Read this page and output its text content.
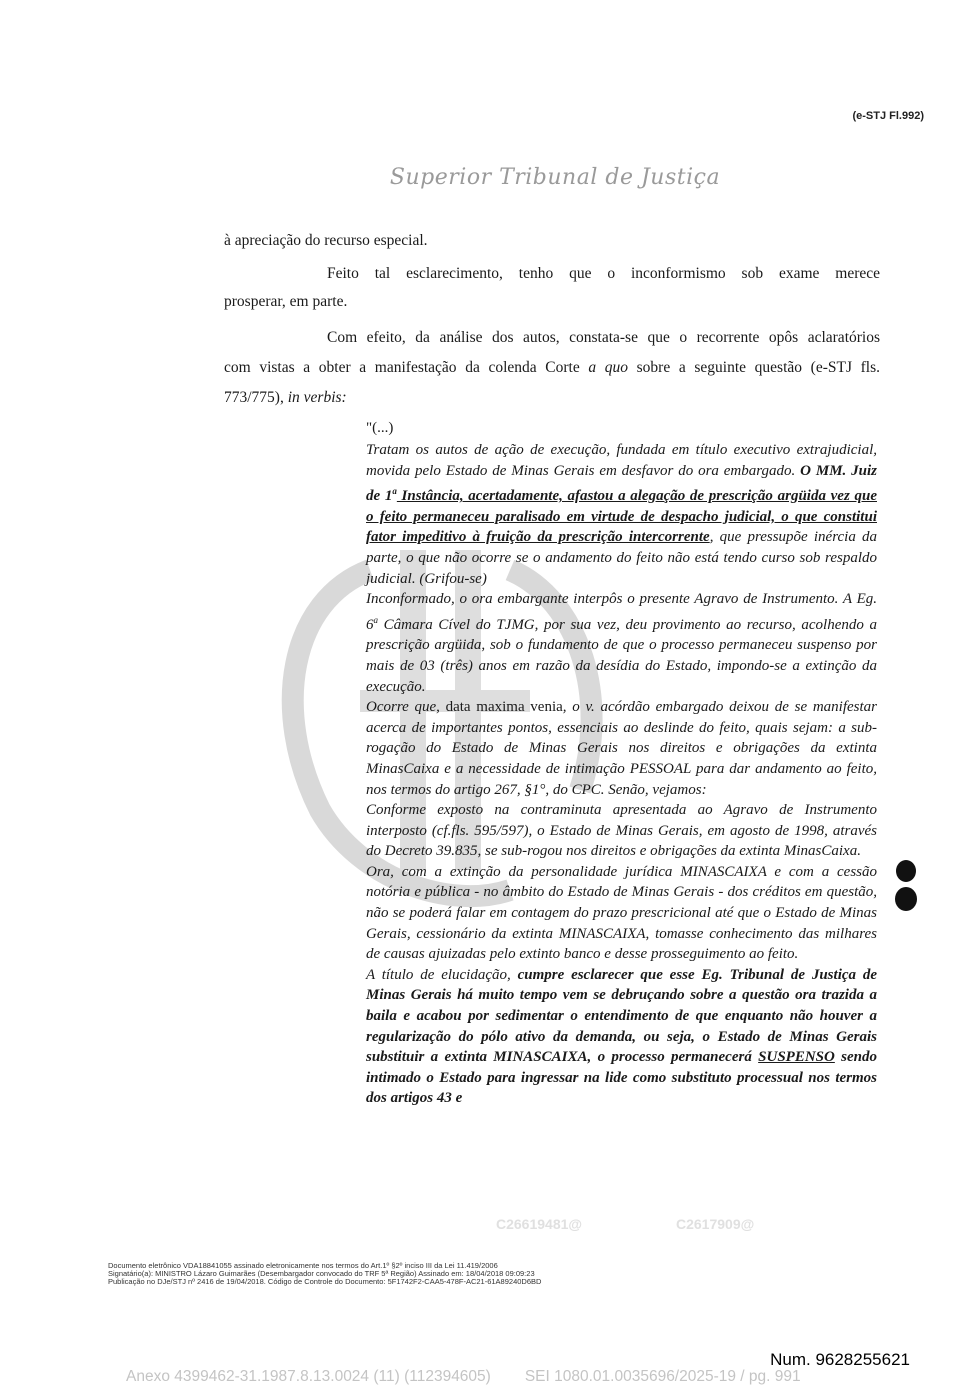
(e-STJ Fl.992)
Superior Tribunal de Justiça
à apreciação do recurso especial.
Feito tal esclarecimento, tenho que o inconformismo sob exame merece
prosperar, em parte.
Com efeito, da análise dos autos, constata-se que o recorrente opôs aclaratórios
com vistas a obter a manifestação da colenda Corte a quo sobre a seguinte questão (e-STJ fls.
773/775), in verbis:
"(...)

Tratam os autos de ação de execução, fundada em título executivo extrajudicial, movida pelo Estado de Minas Gerais em desfavor do ora embargado. O MM. Juiz de 1$^a$ Instância, acertadamente, afastou a alegação de prescrição argüida vez que o feito permaneceu paralisado em virtude de despacho judicial, o que constitui fator impeditivo à fruição da prescrição intercorrente, que pressupõe inércia da parte, o que não ocorre se o andamento do feito não está tendo curso sob respaldo judicial. (Grifou-se)

Inconformado, o ora embargante interpôs o presente Agravo de Instrumento. A Eg. 6$^a$ Câmara Cível do TJMG, por sua vez, deu provimento ao recurso, acolhendo a prescrição argüida, sob o fundamento de que o processo permaneceu suspenso por mais de 03 (três) anos em razão da desídia do Estado, impondo-se a extinção da execução.

Ocorre que, data maxima venia, o v. acórdão embargado deixou de se manifestar acerca de importantes pontos, essenciais ao deslinde do feito, quais sejam: a sub-rogação do Estado de Minas Gerais nos direitos e obrigações da extinta MinasCaixa e a necessidade de intimação PESSOAL para dar andamento ao feito, nos termos do artigo 267, §1°, do CPC. Senão, vejamos:

Conforme exposto na contraminuta apresentada ao Agravo de Instrumento interposto (cf.fls. 595/597), o Estado de Minas Gerais, em agosto de 1998, através do Decreto 39.835, se sub-rogou nos direitos e obrigações da extinta MinasCaixa.

Ora, com a extinção da personalidade jurídica MINASCAIXA e com a cessão notória e pública - no âmbito do Estado de Minas Gerais - dos créditos em questão, não se poderá falar em contagem do prazo prescricional até que o Estado de Minas Gerais, cessionário da extinta MINASCAIXA, tomasse conhecimento das milhares de causas ajuizadas pelo extinto banco e desse prosseguimento ao feito.

A título de elucidação, cumpre esclarecer que esse Eg. Tribunal de Justiça de Minas Gerais há muito tempo vem se debruçando sobre a questão ora trazida a baila e acabou por sedimentar o entendimento de que enquanto não houver a regularização do pólo ativo da demanda, ou seja, o Estado de Minas Gerais substituir a extinta MINASCAIXA, o processo permanecerá SUSPENSO sendo intimado o Estado para ingressar na lide como substituto processual nos termos dos artigos 43 e

C26619481@	C2617909@
Documento eletrônico VDA18841055 assinado eletronicamente nos termos do Art.1º §2º inciso III da Lei 11.419/2006
Signatário(a): MINISTRO Lázaro Guimarães (Desembargador convocado do TRF 5ª Região) Assinado em: 18/04/2018 09:09:23
Publicação no DJe/STJ nº 2416 de 19/04/2018. Código de Controle do Documento: 5F1742F2-CAA5-478F-AC21-61A89240D6BD
Num. 9628255621
Anexo 4399462-31.1987.8.13.0024 (11) (112394605) SEI 1080.01.0035696/2025-19 / pg. 991
